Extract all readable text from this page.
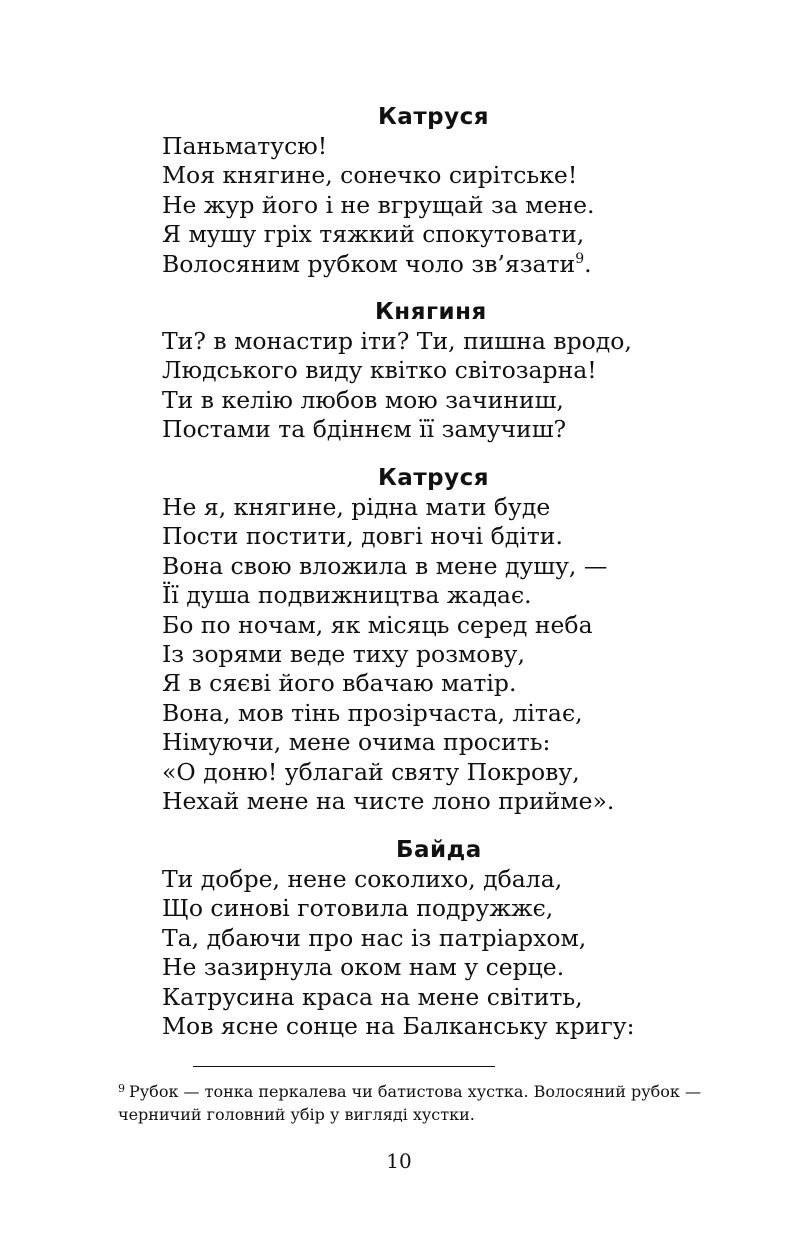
Катруся
Паньматусю!
Моя княгине, сонечко сирітське!
Не жур його і не вгрущай за мене.
Я мушу гріх тяжкий спокутовати,
Волосяним рубком чоло зв’язати$^9$.
Княгиня
Ти? в монастир іти? Ти, пишна вродо,
Людського виду квітко світозарна!
Ти в келію любов мою зачиниш,
Постами та бдіннєм її замучиш?
Катруся
Не я, княгине, рідна мати буде
Пости постити, довгі ночі бдіти.
Вона свою вложила в мене душу, —
Її душа подвижництва жадає.
Бо по ночам, як місяць серед неба
Із зорями веде тиху розмову,
Я в сяєві його вбачаю матір.
Вона, мов тінь прозірчаста, літає,
Німуючи, мене очима просить:
«О доню! ублагай святу Покрову,
Нехай мене на чисте лоно прийме».
Байда
Ти добре, нене соколихо, дбала,
Що синові готовила подружжє,
Та, дбаючи про нас із патріархом,
Не зазирнула оком нам у серце.
Катрусина краса на мене світить,
Мов ясне сонце на Балканську кригу:
$^9$ Рубок — тонка перкалева чи батистова хустка. Волосяний рубок —
черничий головний убір у вигляді хустки.
10
